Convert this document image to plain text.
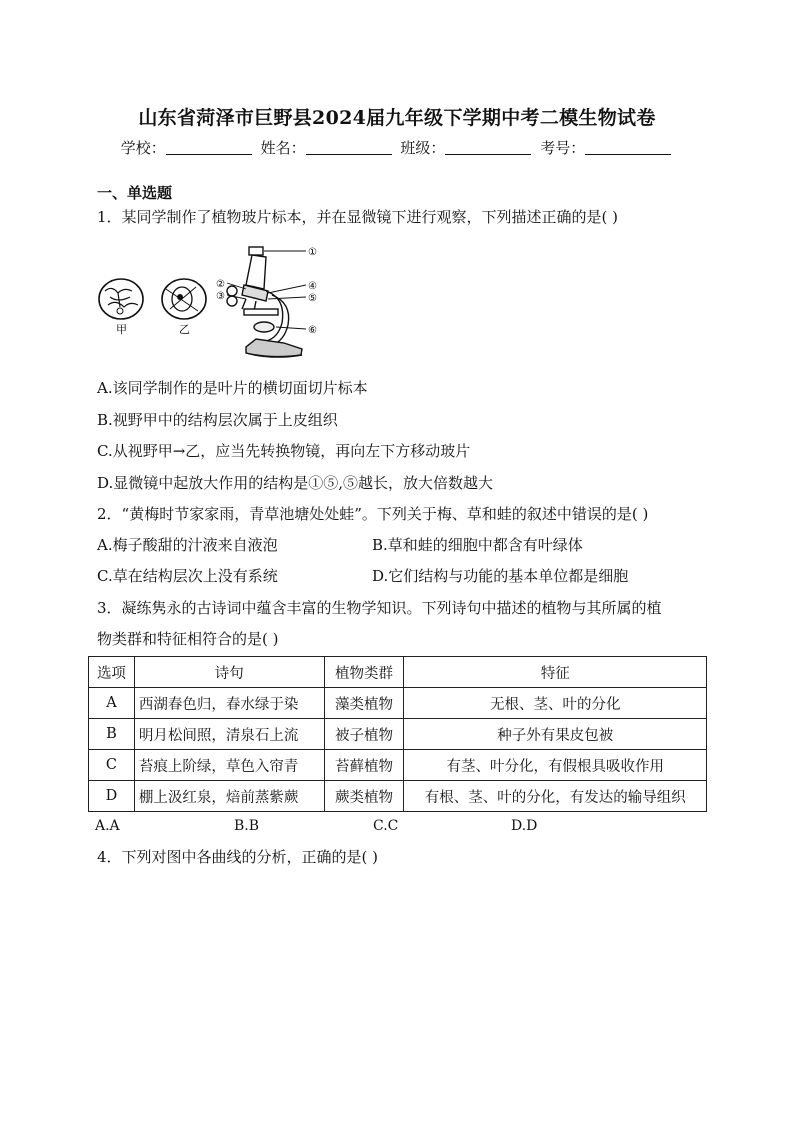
山东省菏泽市巨野县2024届九年级下学期中考二模生物试卷
学校：	姓名：	班级：	考号：
一、单选题
1．某同学制作了植物玻片标本，并在显微镜下进行观察，下列描述正确的是( )
甲	乙
①
②
③
④
⑤
⑥
A.该同学制作的是叶片的横切面切片标本
B.视野甲中的结构层次属于上皮组织
C.从视野甲→乙，应当先转换物镜，再向左下方移动玻片
D.显微镜中起放大作用的结构是①⑤,⑤越长，放大倍数越大
2．“黄梅时节家家雨，青草池塘处处蛙”。下列关于梅、草和蛙的叙述中错误的是( )
A.梅子酸甜的汁液来自液泡	B.草和蛙的细胞中都含有叶绿体
C.草在结构层次上没有系统	D.它们结构与功能的基本单位都是细胞
3．凝练隽永的古诗词中蕴含丰富的生物学知识。下列诗句中描述的植物与其所属的植
物类群和特征相符合的是( )
选项	诗句	植物类群	特征
A	西湖春色归，春水绿于染	藻类植物	无根、茎、叶的分化
B	明月松间照，清泉石上流	被子植物	种子外有果皮包被
C	苔痕上阶绿，草色入帘青	苔藓植物	有茎、叶分化，有假根具吸收作用
D	棚上汲红泉，焙前蒸紫蕨	蕨类植物	有根、茎、叶的分化，有发达的输导组织
A.A	B.B	C.C	D.D
4．下列对图中各曲线的分析，正确的是( )
